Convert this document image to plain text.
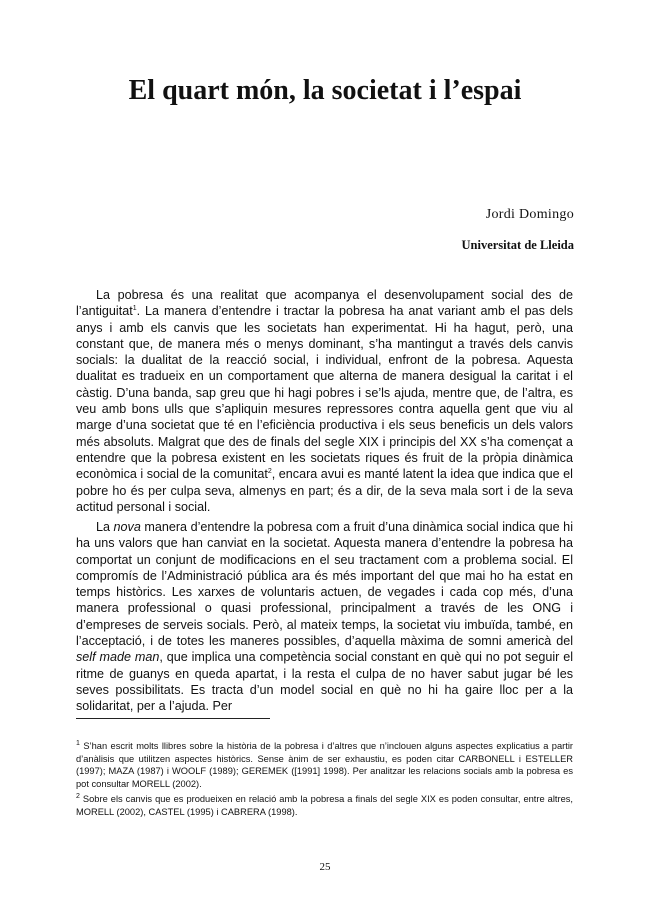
El quart món, la societat i l’espai
Jordi Domingo
Universitat de Lleida

La pobresa és una realitat que acompanya el desenvolupament social des de l’antiguitat$^1$. La manera d’entendre i tractar la pobresa ha anat variant amb el pas dels anys i amb els canvis que les societats han experimentat. Hi ha hagut, però, una constant que, de manera més o menys dominant, s’ha mantingut a través dels canvis socials: la dualitat de la reacció social, i individual, enfront de la pobresa. Aquesta dualitat es tradueix en un comportament que alterna de manera desigual la caritat i el càstig. D’una banda, sap greu que hi hagi pobres i se’ls ajuda, mentre que, de l’altra, es veu amb bons ulls que s’apliquin mesures repressores contra aquella gent que viu al marge d’una societat que té en l’eficiència productiva i els seus beneficis un dels valors més absoluts. Malgrat que des de finals del segle XIX i principis del XX s’ha començat a entendre que la pobresa existent en les societats riques és fruit de la pròpia dinàmica econòmica i social de la comunitat$^2$, encara avui es manté latent la idea que indica que el pobre ho és per culpa seva, almenys en part; és a dir, de la seva mala sort i de la seva actitud personal i social.

La nova manera d’entendre la pobresa com a fruit d’una dinàmica social indica que hi ha uns valors que han canviat en la societat. Aquesta manera d’entendre la pobresa ha comportat un conjunt de modificacions en el seu tractament com a problema social. El compromís de l’Administració pública ara és més important del que mai ho ha estat en temps històrics. Les xarxes de voluntaris actuen, de vegades i cada cop més, d’una manera professional o quasi professional, principalment a través de les ONG i d’empreses de serveis socials. Però, al mateix temps, la societat viu imbuïda, també, en l’acceptació, i de totes les maneres possibles, d’aquella màxima de somni americà del self made man, que implica una competència social constant en què qui no pot seguir el ritme de guanys en queda apartat, i la resta el culpa de no haver sabut jugar bé les seves possibilitats. Es tracta d’un model social en què no hi ha gaire lloc per a la solidaritat, per a l’ajuda. Per

$^1$ S’han escrit molts llibres sobre la història de la pobresa i d’altres que n’inclouen alguns aspectes explicatius a partir d’anàlisis que utilitzen aspectes històrics. Sense ànim de ser exhaustiu, es poden citar CARBONELL i ESTELLER (1997); MAZA (1987) i WOOLF (1989); GEREMEK ([1991] 1998). Per analitzar les relacions socials amb la pobresa es pot consultar MORELL (2002).

$^2$ Sobre els canvis que es produeixen en relació amb la pobresa a finals del segle XIX es poden consultar, entre altres, MORELL (2002), CASTEL (1995) i CABRERA (1998).

25
